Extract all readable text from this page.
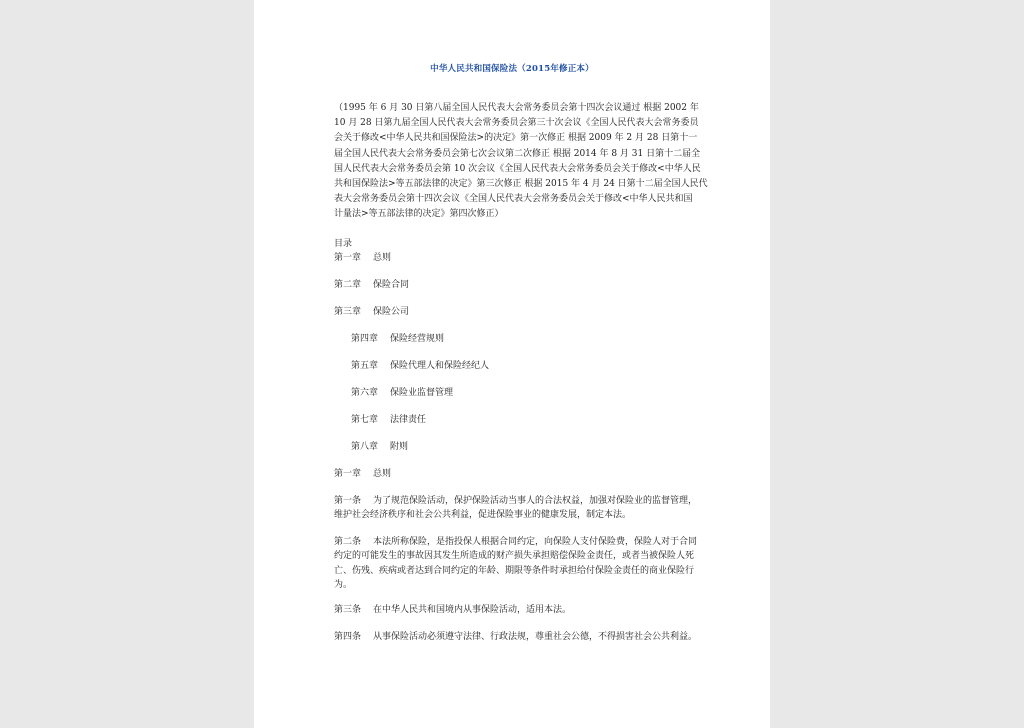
中华人民共和国保险法（2015年修正本）
（1995 年 6 月 30 日第八届全国人民代表大会常务委员会第十四次会议通过 根据 2002 年
10 月 28 日第九届全国人民代表大会常务委员会第三十次会议《全国人民代表大会常务委员
会关于修改<中华人民共和国保险法>的决定》第一次修正 根据 2009 年 2 月 28 日第十一
届全国人民代表大会常务委员会第七次会议第二次修正 根据 2014 年 8 月 31 日第十二届全
国人民代表大会常务委员会第 10 次会议《全国人民代表大会常务委员会关于修改<中华人民
共和国保险法>等五部法律的决定》第三次修正 根据 2015 年 4 月 24 日第十二届全国人民代
表大会常务委员会第十四次会议《全国人民代表大会常务委员会关于修改<中华人民共和国
计量法>等五部法律的决定》第四次修正）
目录
第一章 总则
第二章 保险合同
第三章 保险公司
第四章 保险经营规则
第五章 保险代理人和保险经纪人
第六章 保险业监督管理
第七章 法律责任
第八章 附则
第一章 总则
第一条 为了规范保险活动，保护保险活动当事人的合法权益，加强对保险业的监督管理，
维护社会经济秩序和社会公共利益，促进保险事业的健康发展，制定本法。
第二条 本法所称保险，是指投保人根据合同约定，向保险人支付保险费，保险人对于合同
约定的可能发生的事故因其发生所造成的财产损失承担赔偿保险金责任，或者当被保险人死
亡、伤残、疾病或者达到合同约定的年龄、期限等条件时承担给付保险金责任的商业保险行
为。
第三条 在中华人民共和国境内从事保险活动，适用本法。
第四条 从事保险活动必须遵守法律、行政法规，尊重社会公德，不得损害社会公共利益。
